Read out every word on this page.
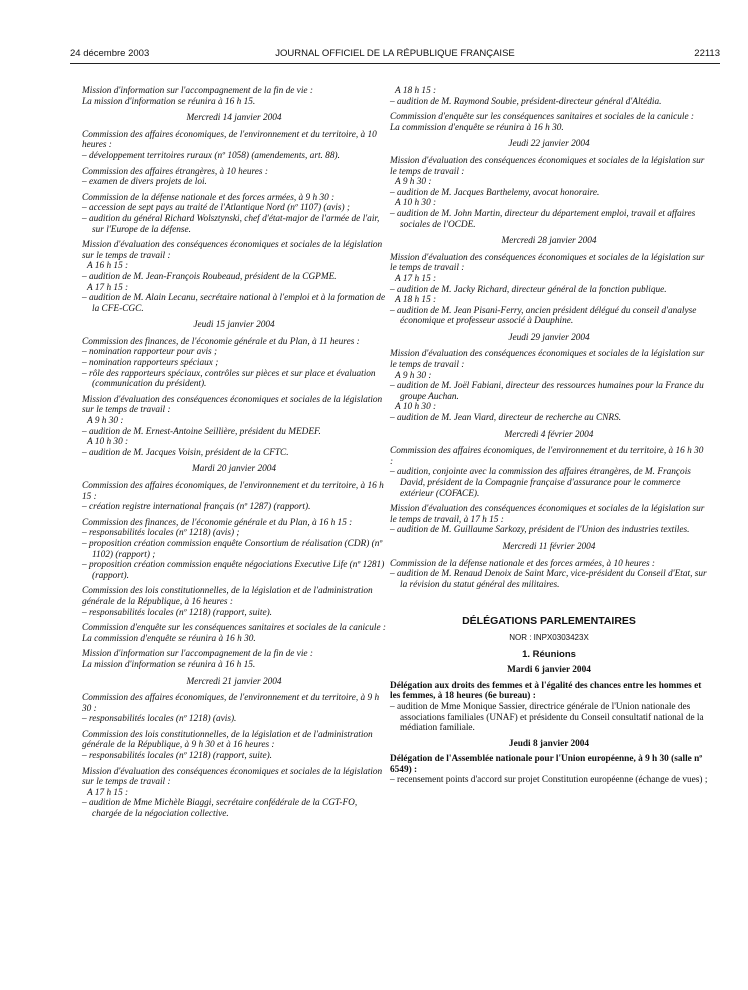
24 décembre 2003	JOURNAL OFFICIEL DE LA RÉPUBLIQUE FRANÇAISE	22113

Mission d'information sur l'accompagnement de la fin de vie :

La mission d'information se réunira à 16 h 15.

Mercredi 14 janvier 2004

Commission des affaires économiques, de l'environnement et du territoire, à 10 heures :

– développement territoires ruraux (nº 1058) (amendements, art. 88).

Commission des affaires étrangères, à 10 heures :

– examen de divers projets de loi.

Commission de la défense nationale et des forces armées, à 9 h 30 :

– accession de sept pays au traité de l'Atlantique Nord (nº 1107) (avis) ;

– audition du général Richard Wolsztynski, chef d'état-major de l'armée de l'air, sur l'Europe de la défense.

Mission d'évaluation des conséquences économiques et sociales de la législation sur le temps de travail :

A 16 h 15 :

– audition de M. Jean-François Roubeaud, président de la CGPME.

A 17 h 15 :

– audition de M. Alain Lecanu, secrétaire national à l'emploi et à la formation de la CFE-CGC.

Jeudi 15 janvier 2004

Commission des finances, de l'économie générale et du Plan, à 11 heures :

– nomination rapporteur pour avis ;

– nomination rapporteurs spéciaux ;

– rôle des rapporteurs spéciaux, contrôles sur pièces et sur place et évaluation (communication du président).

Mission d'évaluation des conséquences économiques et sociales de la législation sur le temps de travail :

A 9 h 30 :

– audition de M. Ernest-Antoine Seillière, président du MEDEF.

A 10 h 30 :

– audition de M. Jacques Voisin, président de la CFTC.

Mardi 20 janvier 2004

Commission des affaires économiques, de l'environnement et du territoire, à 16 h 15 :

– création registre international français (nº 1287) (rapport).

Commission des finances, de l'économie générale et du Plan, à 16 h 15 :

– responsabilités locales (nº 1218) (avis) ;

– proposition création commission enquête Consortium de réalisation (CDR) (nº 1102) (rapport) ;

– proposition création commission enquête négociations Executive Life (nº 1281) (rapport).

Commission des lois constitutionnelles, de la législation et de l'administration générale de la République, à 16 heures :

– responsabilités locales (nº 1218) (rapport, suite).

Commission d'enquête sur les conséquences sanitaires et sociales de la canicule :

La commission d'enquête se réunira à 16 h 30.

Mission d'information sur l'accompagnement de la fin de vie :

La mission d'information se réunira à 16 h 15.

Mercredi 21 janvier 2004

Commission des affaires économiques, de l'environnement et du territoire, à 9 h 30 :

– responsabilités locales (nº 1218) (avis).

Commission des lois constitutionnelles, de la législation et de l'administration générale de la République, à 9 h 30 et à 16 heures :

– responsabilités locales (nº 1218) (rapport, suite).

Mission d'évaluation des conséquences économiques et sociales de la législation sur le temps de travail :

A 17 h 15 :

– audition de Mme Michèle Biaggi, secrétaire confédérale de la CGT-FO, chargée de la négociation collective.

A 18 h 15 :

– audition de M. Raymond Soubie, président-directeur général d'Altédia.

Commission d'enquête sur les conséquences sanitaires et sociales de la canicule :

La commission d'enquête se réunira à 16 h 30.

Jeudi 22 janvier 2004

Mission d'évaluation des conséquences économiques et sociales de la législation sur le temps de travail :

A 9 h 30 :

– audition de M. Jacques Barthelemy, avocat honoraire.

A 10 h 30 :

– audition de M. John Martin, directeur du département emploi, travail et affaires sociales de l'OCDE.

Mercredi 28 janvier 2004

Mission d'évaluation des conséquences économiques et sociales de la législation sur le temps de travail :

A 17 h 15 :

– audition de M. Jacky Richard, directeur général de la fonction publique.

A 18 h 15 :

– audition de M. Jean Pisani-Ferry, ancien président délégué du conseil d'analyse économique et professeur associé à Dauphine.

Jeudi 29 janvier 2004

Mission d'évaluation des conséquences économiques et sociales de la législation sur le temps de travail :

A 9 h 30 :

– audition de M. Joël Fabiani, directeur des ressources humaines pour la France du groupe Auchan.

A 10 h 30 :

– audition de M. Jean Viard, directeur de recherche au CNRS.

Mercredi 4 février 2004

Commission des affaires économiques, de l'environnement et du territoire, à 16 h 30 :

– audition, conjointe avec la commission des affaires étrangères, de M. François David, président de la Compagnie française d'assurance pour le commerce extérieur (COFACE).

Mission d'évaluation des conséquences économiques et sociales de la législation sur le temps de travail, à 17 h 15 :

– audition de M. Guillaume Sarkozy, président de l'Union des industries textiles.

Mercredi 11 février 2004

Commission de la défense nationale et des forces armées, à 10 heures :

– audition de M. Renaud Denoix de Saint Marc, vice-président du Conseil d'Etat, sur la révision du statut général des militaires.

DÉLÉGATIONS PARLEMENTAIRES

NOR : INPX0303423X

1. Réunions

Mardi 6 janvier 2004

Délégation aux droits des femmes et à l'égalité des chances entre les hommes et les femmes, à 18 heures (6e bureau) :

– audition de Mme Monique Sassier, directrice générale de l'Union nationale des associations familiales (UNAF) et présidente du Conseil consultatif national de la médiation familiale.

Jeudi 8 janvier 2004

Délégation de l'Assemblée nationale pour l'Union européenne, à 9 h 30 (salle nº 6549) :

– recensement points d'accord sur projet Constitution européenne (échange de vues) ;
